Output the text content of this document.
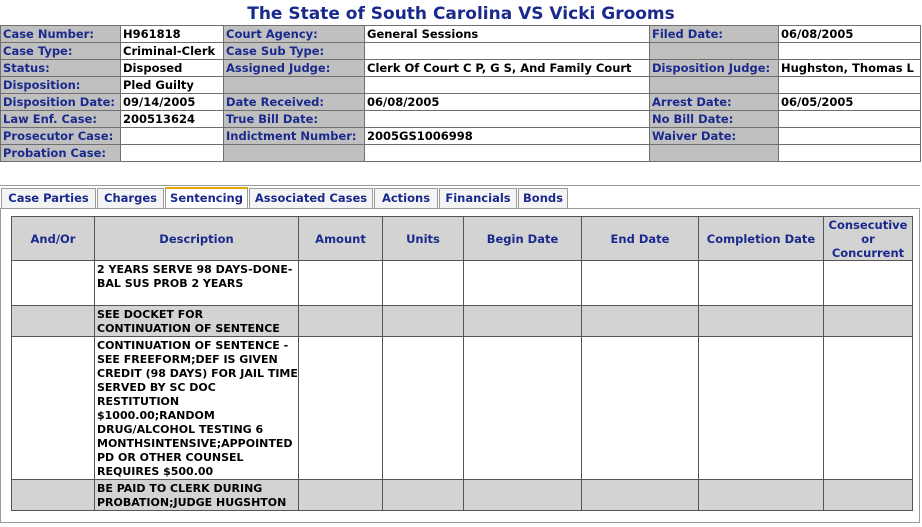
The State of South Carolina VS Vicki Grooms
Case Number:	H961818	Court Agency:	General Sessions	Filed Date:	06/08/2005
Case Type:	Criminal-Clerk	Case Sub Type:			
Status:	Disposed	Assigned Judge:	Clerk Of Court C P, G S, And Family Court	Disposition Judge:	Hughston, Thomas L
Disposition:	Pled Guilty				
Disposition Date:	09/14/2005	Date Received:	06/08/2005	Arrest Date:	06/05/2005
Law Enf. Case:	200513624	True Bill Date:		No Bill Date:	
Prosecutor Case:		Indictment Number:	2005GS1006998	Waiver Date:	
Probation Case:					
Case Parties	Charges	Sentencing	Associated Cases	Actions	Financials	Bonds
And/Or	Description	Amount	Units	Begin Date	End Date	Completion Date	Consecutive or Concurrent
	2 YEARS SERVE 98 DAYS-DONE-BAL SUS PROB 2 YEARS						
	SEE DOCKET FOR CONTINUATION OF SENTENCE						
	CONTINUATION OF SENTENCE - SEE FREEFORM;DEF IS GIVEN CREDIT (98 DAYS) FOR JAIL TIME SERVED BY SC DOC RESTITUTION $1000.00;RANDOM DRUG/ALCOHOL TESTING 6 MONTHSINTENSIVE;APPOINTED PD OR OTHER COUNSEL REQUIRES $500.00						
	BE PAID TO CLERK DURING PROBATION;JUDGE HUGSHTON						
